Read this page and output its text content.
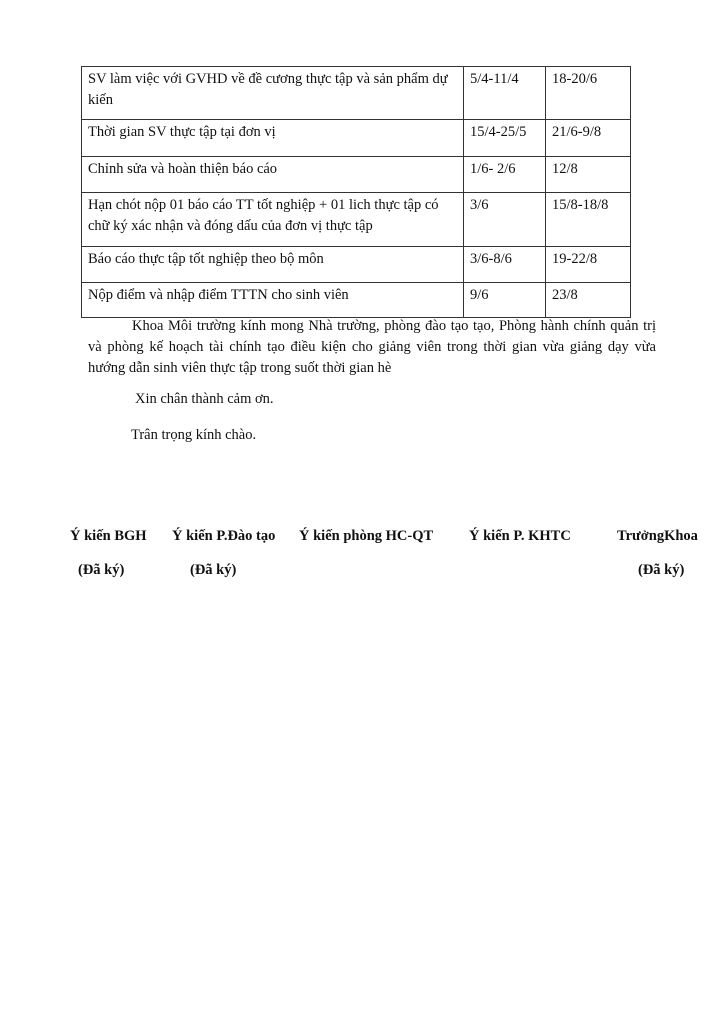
SV làm việc với GVHD về đề cương thực tập và sản phẩm dự kiến	5/4-11/4	18-20/6
Thời gian SV thực tập tại đơn vị	15/4-25/5	21/6-9/8
Chỉnh sửa và hoàn thiện báo cáo	1/6- 2/6	12/8
Hạn chót nộp 01 báo cáo TT tốt nghiệp + 01 lich thực tập có chữ ký xác nhận và đóng dấu của đơn vị thực tập	3/6	15/8-18/8
Báo cáo thực tập tốt nghiệp theo bộ môn	3/6-8/6	19-22/8
Nộp điểm và nhập điểm TTTN cho sinh viên	9/6	23/8

Khoa Môi trường kính mong Nhà trường, phòng đào tạo tạo, Phòng hành chính quản trị và phòng kế hoạch tài chính tạo điều kiện cho giảng viên trong thời gian vừa giảng dạy vừa hướng dẫn sinh viên thực tập trong suốt thời gian hè

Xin chân thành cảm ơn.

Trân trọng kính chào.

Ý kiến BGH Ý kiến P.Đào tạo Ý kiến phòng HC-QT Ý kiến P. KHTC	TrưởngKhoa

(Đã ký)	(Đã ký)	(Đã ký)
